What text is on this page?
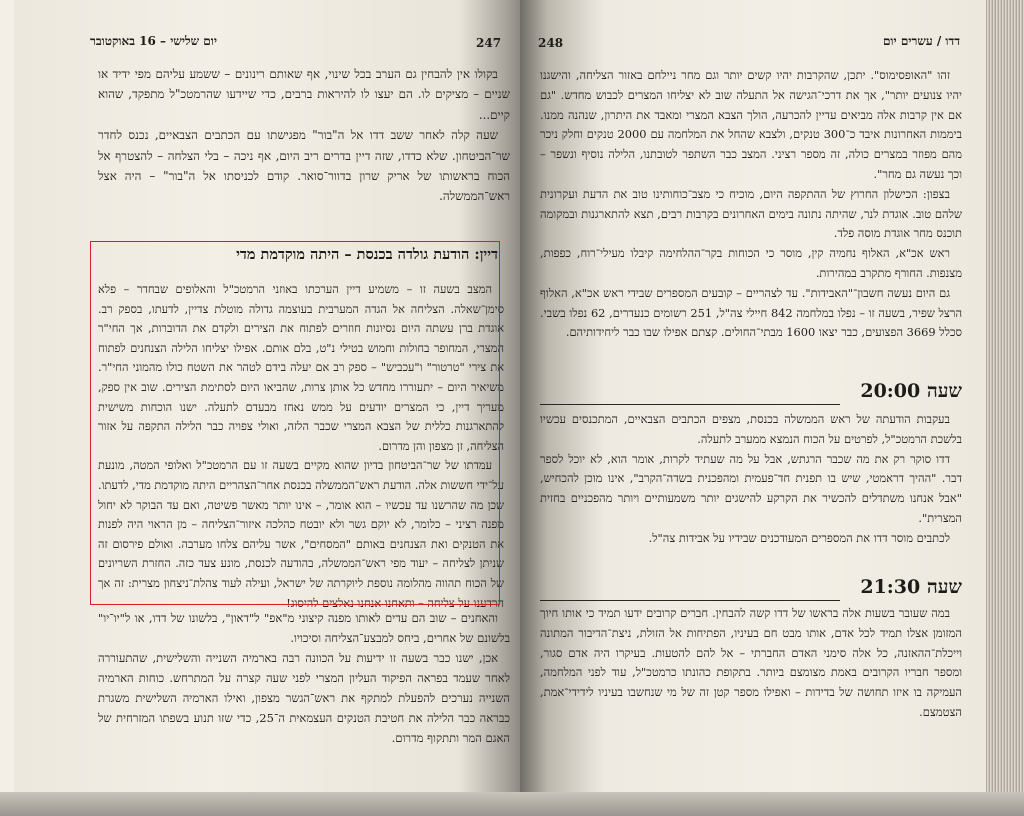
יום שלישי – 16 באוקטובר	247

בקולו אין להבחין גם הערב בכל שינוי, אף שאותם רינונים – ששמע עליהם מפי ידיד או שניים – מציקים לו. הם יעצו לו להיראות ברבים, כדי שיידעו שהרמטכ"ל מתפקד, שהוא קיים...

שעה קלה לאחר ששב דדו אל ה"בור" מפגישתו עם הכתבים הצבאיים, נכנס לחדר שר־הביטחון. שלא כדדו, שזה דיין בדרים ריב היום, אף ניכה – בלי הצלחה – להצטרף אל הכוח בראשותו של אריק שרון בדוור־סואר. קודם לכניסתו אל ה"בור" – היה אצל ראש־הממשלה.

דיין: הודעת גולדה בכנסת – היתה מוקדמת מדי

המצב בשעה זו – משמיע דיין הערכתו באוזני הרמטכ"ל והאלופים שבחדר – פלא סימן־שאלה. הצליחה אל הגדה המערבית בעוצמה גדולה מוטלת צדיין, לדעתו, בספק רב. אוגדת ברן עשתה היום נסיונות חוזרים לפתוח את הצירים ולקדם את הדוברות, אך החי"ר המצרי, המחופר בחולות וחמוש בטילי נ"ט, בלם אותם. אפילו יצליחו הלילה הצנחנים לפתוח את צירי "טרטור" ו"עכביש" – ספק רב אם יעלה בידם לטהר את השטח כולו מהמוני החי"ר. משיאיר היום – יתעוררו מחדש כל אותן צרות, שהביאו היום לסתימת הצירים. שוב אין ספק, מעריך דיין, כי המצרים יודעים על ממש נאחז מבעדם לתעלה. ישנו הוכחות משישית להתארגנות כללית של הצבא המצרי שכבר הלזה, ואולי צפויה כבר הלילה התקפה על אזור הצליחה, זן מצפון והן מדרום.

עמדתו של שר־הביטחון בדיון שהוא מקיים בשעה זו עם הרמטכ"ל ואלופי המטה, מונעת על־ידי חששות אלה. הודעת ראש־הממשלה בכנסת אחר־הצהריים היתה מוקדמת מדי, לדעתו. שכן מה שהרשנו עד עכשיו – הוא אומר, – אינו יותר מאשר פשיטה, ואם עד הבוקר לא יחול מפנה רציני – כלומר, לא יוקם גשר ולא יובטח כהלכה איזור־הצליחה – מן הראוי היה לפנות את הטנקים ואת הצנחנים באותם "המסחים", אשר עליהם צלחו מערבה. ואולם פירסום זה שניתן לצליחה – יעוד מפי ראש־הממשלה, בהודעה לכנסת, מונע צעד כזה. החזרת השריונים של הכוח תהווה מהלומה נוספת ליוקרתה של ישראל, ועילה לעוד צהלת־ניצחון מצרית: זה אך הרדענו על צליחה – ותאחנו אנחנו נאלצים להיסוג!

והאחנים – שוב הם עדים לאותו מפנה קיצוני מ"אפ" ל"דאון", בלשונו של דדו, או ל"יו־יו" בלשונם של אחרים, ביחס למבצע־הצליחה וסיכויו.

אכן, ישנו כבר בשעה זו ידיעות על הכוונה רבה בארמיה השנייה והשלישית, שהתעוררה לאחר שעמד בפראה הפיקוד העליון המצרי לפני שעה קצרה על המתרחש. כוחות הארמיה השנייה נערכים להפעלת למתקף את ראש־הגשר מצפון, ואילו הארמיה השלישית משגרת כבראה כבר הלילה את חטיבת הטנקים העצמאית ה־25, כדי שזו תנוע בשפתו המזרחית של האגם המר ותתקוף מדרום.

248	דדו / עשרים יום

זהו "האופסימוס". יתכן, שהקרבות יהיו קשים יותר וגם מחר ניילחם באזור הצליחה, והישגנו יהיו צנועים יותר", אך את דרכי־הגישה אל התעלה שוב לא יצליחו המצרים לכבוש מחדש. "גם אם אין קרבות אלה מביאים עדיין להכרעה, הולך הצבא המצרי ומאבד את היתרון, שנהנה ממנו. ביממות האחרונות איבד כ־300 טנקים, ולצבא שהחל את המלחמה עם 2000 טנקים וחלק ניכר מהם מפוזר במצרים כולה, זה מספר רציני. המצב כבר השתפר לטובתנו, הלילה נוסיף ונשפר – וכך נעשה גם מחר".

בצפון: הכישלון החרוץ של ההתקפה היום, מוכיח כי מצב־כוחותינו טוב את הדעת ועקרונית שלהם טוב. אוגדת לנר, שהיתה נתונה בימים האחרונים בקרבות רבים, תצא להתארגנות ובמקומה תוכנס מחר אוגדת מוסה פלד.

ראש אכ"א, האלוף נחמיה קין, מוסר כי הכוחות בקר־ההלחימה קיבלו מעילי־רוח, כפפות, מצנפות. החורף מתקרב במהירות.

גם היום נעשה חשבון־"האבידות". עד לצהריים – קובעים המספרים שבידי ראש אכ"א, האלוף הרצל שפיר, בשעה זו – נפלו במלחמה 842 חיילי צה"ל, 251 רשומים כנעדרים, 62 נפלו בשבי. סכלל 3669 הפצועים, כבר יצאו 1600 מבתי־החולים. קצתם אפילו שבו כבר ליחידותיהם.

שעה 20:00

בעקבות הודעתה של ראש הממשלה בכנסת, מצפים הכתבים הצבאיים, המתכנסים עכשיו בלשכת הרמטכ"ל, לפרטים על הכוח הנמצא ממערב לתעלה.

דדו סוקר רק את מה שכבר הרגתש, אבל על מה שעתיד לקרות, אומר הוא, לא יוכל לספר דבר. "ההיך דראמטי, שיש בו תפנית חד־פעמית ומהפכנית בשדה־הקרב", אינו מוכן להכחיש, "אבל אנחנו משתדלים להכשיר את הקרקע להישגים יותר משמעותיים ויותר מהפכניים בחזית המצרית".

לכתבים מוסר דדו את המספרים המעודכנים שבידיו על אבידות צה"ל.

שעה 21:30

במה שעובר בשעות אלה בראשו של דדו קשה להבחין. חברים קרובים ידעו תמיד כי אותו חיוך המזומן אצלו תמיד לכל אדם, אותו מבט חם בעיניו, הפתיחות אל הזולת, ניצת־הדיבור המתונה וייכלת־ההאזנה, כל אלה סימני האדם החברתי – אל להם להטעות. בעיקרו היה אדם סגור, ומספר חבריו הקרובים באמת מצומצם ביותר. בתקופת כהונתו כרמטכ"ל, עוד לפני המלחמה, העמיקה בו איזו תחושה של בדידות – ואפילו מספר קטן זה של מי שנחשבו בעיניו לידידי־אמת, הצטמצם.
